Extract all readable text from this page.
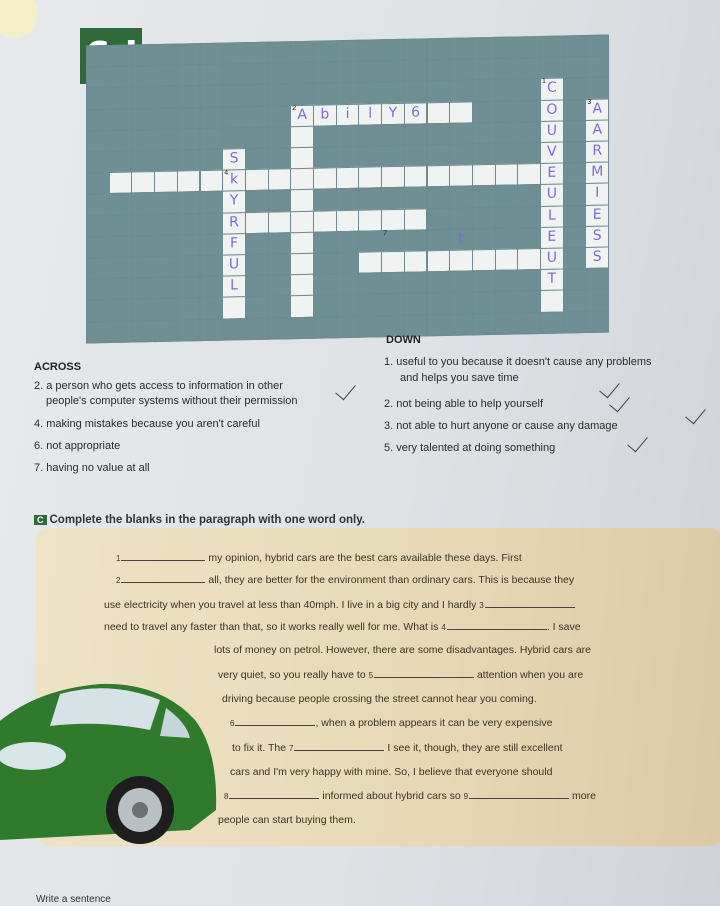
1 C
2 A b	i	l	Y 6	O	3 A
U	A
S	V	R
4 k	E	M
Y	U	I
R	L	E
F
7	t	E	S
U	U	S
L	T
ACROSS
DOWN
2. a person who gets access to information in other
people's computer systems without their permission
4. making mistakes because you aren't careful
6. not appropriate
7. having no value at all
1. useful to you because it doesn't cause any problems
and helps you save time
2. not being able to help yourself
3. not able to hurt anyone or cause any damage
5. very talented at doing something
C Complete the blanks in the paragraph with one word only.
1	my opinion, hybrid cars are the best cars available these days. First
2	all, they are better for the environment than ordinary cars. This is because they
use electricity when you travel at less than 40mph. I live in a big city and I hardly 3
need to travel any faster than that, so it works really well for me. What is 4	. I save
lots of money on petrol. However, there are some disadvantages. Hybrid cars are
very quiet, so you really have to 5	attention when you are
driving because people crossing the street cannot hear you coming.
6	, when a problem appears it can be very expensive
to fix it. The 7	I see it, though, they are still excellent
cars and I'm very happy with mine. So, I believe that everyone should
8	informed about hybrid cars so 9	more
people can start buying them.
Write a sentence
